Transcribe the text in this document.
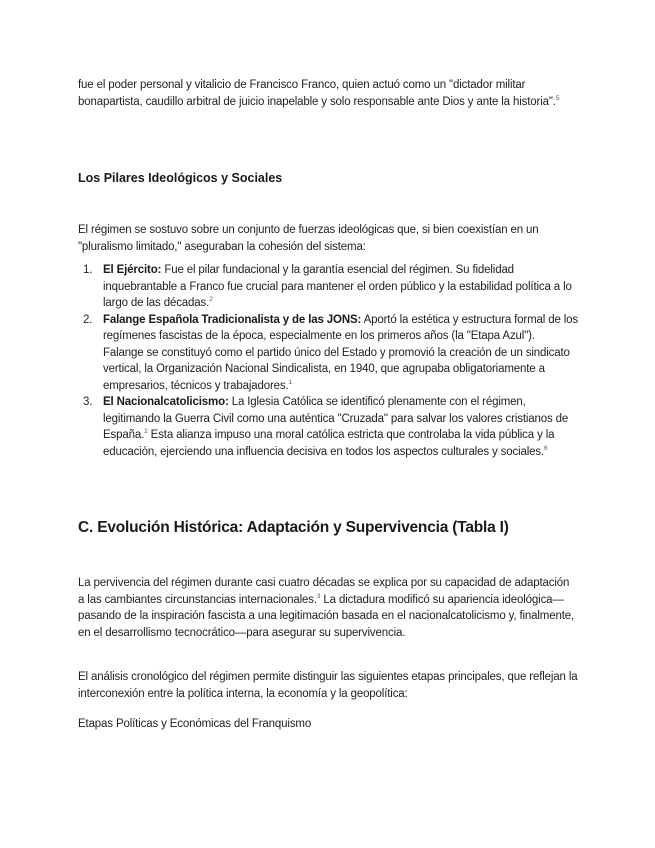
fue el poder personal y vitalicio de Francisco Franco, quien actuó como un "dictador militar bonapartista, caudillo arbitral de juicio inapelable y solo responsable ante Dios y ante la historia".$^5$

Los Pilares Ideológicos y Sociales

El régimen se sostuvo sobre un conjunto de fuerzas ideológicas que, si bien coexistían en un "pluralismo limitado," aseguraban la cohesión del sistema:

1. El Ejército: Fue el pilar fundacional y la garantía esencial del régimen. Su fidelidad inquebrantable a Franco fue crucial para mantener el orden público y la estabilidad política a lo largo de las décadas.$^2$
2. Falange Española Tradicionalista y de las JONS: Aportó la estética y estructura formal de los regímenes fascistas de la época, especialmente en los primeros años (la "Etapa Azul"). Falange se constituyó como el partido único del Estado y promovió la creación de un sindicato vertical, la Organización Nacional Sindicalista, en 1940, que agrupaba obligatoriamente a empresarios, técnicos y trabajadores.$^1$
3. El Nacionalcatolicismo: La Iglesia Católica se identificó plenamente con el régimen, legitimando la Guerra Civil como una auténtica "Cruzada" para salvar los valores cristianos de España.$^2$ Esta alianza impuso una moral católica estricta que controlaba la vida pública y la educación, ejerciendo una influencia decisiva en todos los aspectos culturales y sociales.$^6$
C. Evolución Histórica: Adaptación y Supervivencia (Tabla I)

La pervivencia del régimen durante casi cuatro décadas se explica por su capacidad de adaptación a las cambiantes circunstancias internacionales.$^3$ La dictadura modificó su apariencia ideológica—pasando de la inspiración fascista a una legitimación basada en el nacionalcatolicismo y, finalmente, en el desarrollismo tecnocrático—para asegurar su supervivencia.

El análisis cronológico del régimen permite distinguir las siguientes etapas principales, que reflejan la interconexión entre la política interna, la economía y la geopolítica:

Etapas Políticas y Económicas del Franquismo
